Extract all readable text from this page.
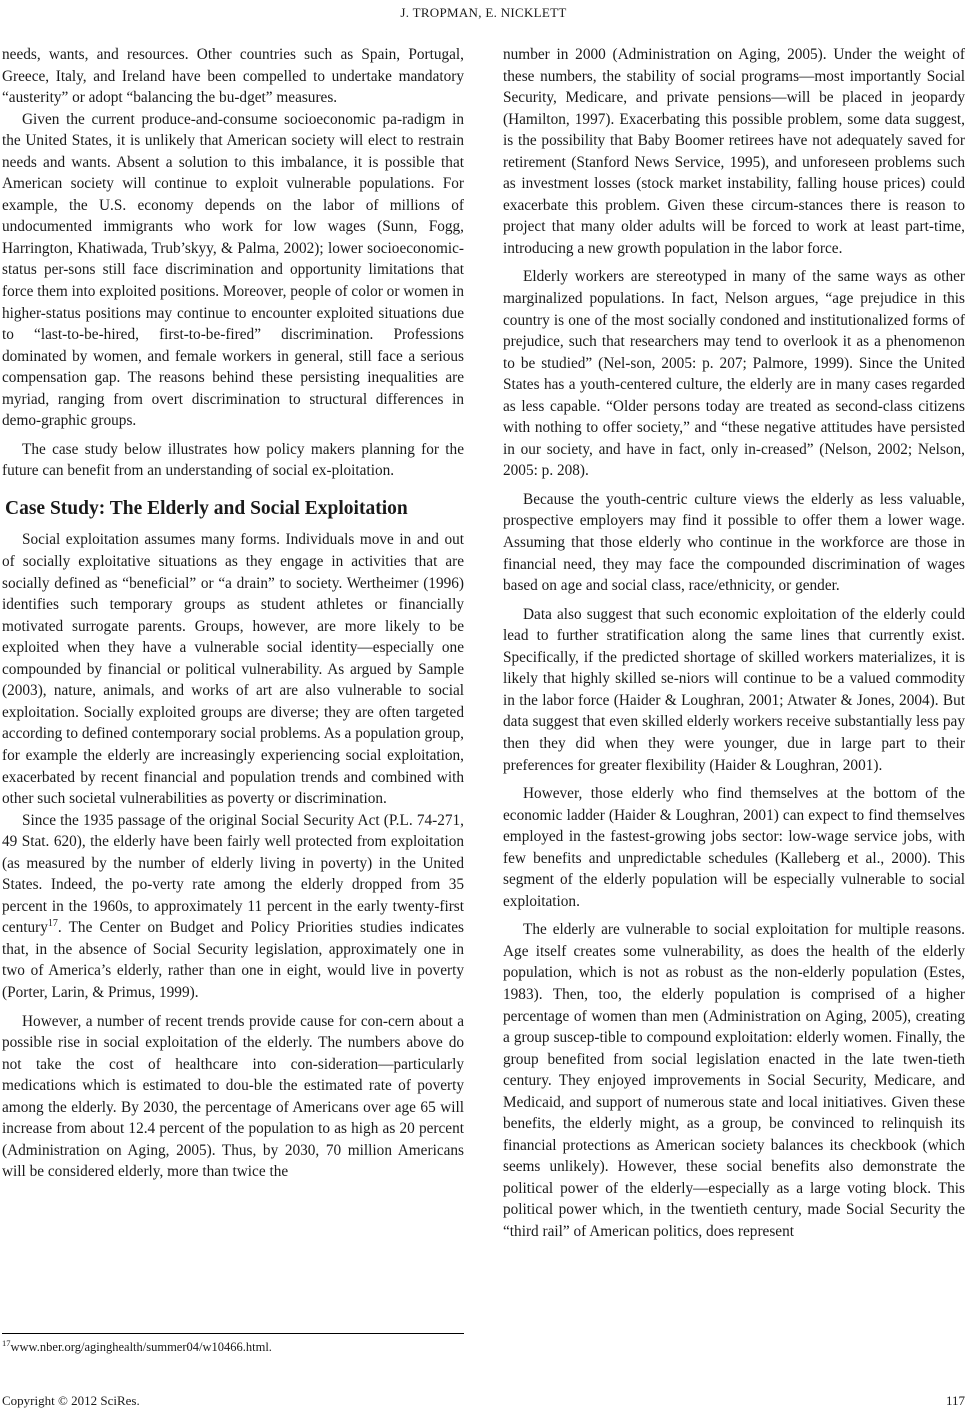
J. TROPMAN, E. NICKLETT

needs, wants, and resources. Other countries such as Spain, Portugal, Greece, Italy, and Ireland have been compelled to undertake mandatory “austerity” or adopt “balancing the bu-dget” measures.

Given the current produce-and-consume socioeconomic pa-radigm in the United States, it is unlikely that American society will elect to restrain needs and wants. Absent a solution to this imbalance, it is possible that American society will continue to exploit vulnerable populations. For example, the U.S. economy depends on the labor of millions of undocumented immigrants who work for low wages (Sunn, Fogg, Harrington, Khatiwada, Trub’skyy, & Palma, 2002); lower socioeconomic-status per-sons still face discrimination and opportunity limitations that force them into exploited positions. Moreover, people of color or women in higher-status positions may continue to encounter exploited situations due to “last-to-be-hired, first-to-be-fired” discrimination. Professions dominated by women, and female workers in general, still face a serious compensation gap. The reasons behind these persisting inequalities are myriad, ranging from overt discrimination to structural differences in demo-graphic groups.

The case study below illustrates how policy makers planning for the future can benefit from an understanding of social ex-ploitation.

Case Study: The Elderly and Social Exploitation

Social exploitation assumes many forms. Individuals move in and out of socially exploitative situations as they engage in activities that are socially defined as “beneficial” or “a drain” to society. Wertheimer (1996) identifies such temporary groups as student athletes or financially motivated surrogate parents. Groups, however, are more likely to be exploited when they have a vulnerable social identity—especially one compounded by financial or political vulnerability. As argued by Sample (2003), nature, animals, and works of art are also vulnerable to social exploitation. Socially exploited groups are diverse; they are often targeted according to defined contemporary social problems. As a population group, for example the elderly are increasingly experiencing social exploitation, exacerbated by recent financial and population trends and combined with other such societal vulnerabilities as poverty or discrimination.

Since the 1935 passage of the original Social Security Act (P.L. 74-271, 49 Stat. 620), the elderly have been fairly well protected from exploitation (as measured by the number of elderly living in poverty) in the United States. Indeed, the po-verty rate among the elderly dropped from 35 percent in the 1960s, to approximately 11 percent in the early twenty-first century$^{17}$. The Center on Budget and Policy Priorities studies indicates that, in the absence of Social Security legislation, approximately one in two of America’s elderly, rather than one in eight, would live in poverty (Porter, Larin, & Primus, 1999).

However, a number of recent trends provide cause for con-cern about a possible rise in social exploitation of the elderly. The numbers above do not take the cost of healthcare into con-sideration—particularly medications which is estimated to dou-ble the estimated rate of poverty among the elderly. By 2030, the percentage of Americans over age 65 will increase from about 12.4 percent of the population to as high as 20 percent (Administration on Aging, 2005). Thus, by 2030, 70 million Americans will be considered elderly, more than twice the

number in 2000 (Administration on Aging, 2005). Under the weight of these numbers, the stability of social programs—most importantly Social Security, Medicare, and private pensions—will be placed in jeopardy (Hamilton, 1997). Exacerbating this possible problem, some data suggest, is the possibility that Baby Boomer retirees have not adequately saved for retirement (Stanford News Service, 1995), and unforeseen problems such as investment losses (stock market instability, falling house prices) could exacerbate this problem. Given these circum-stances there is reason to project that many older adults will be forced to work at least part-time, introducing a new growth population in the labor force.

Elderly workers are stereotyped in many of the same ways as other marginalized populations. In fact, Nelson argues, “age prejudice in this country is one of the most socially condoned and institutionalized forms of prejudice, such that researchers may tend to overlook it as a phenomenon to be studied” (Nel-son, 2005: p. 207; Palmore, 1999). Since the United States has a youth-centered culture, the elderly are in many cases regarded as less capable. “Older persons today are treated as second-class citizens with nothing to offer society,” and “these negative attitudes have persisted in our society, and have in fact, only in-creased” (Nelson, 2002; Nelson, 2005: p. 208).

Because the youth-centric culture views the elderly as less valuable, prospective employers may find it possible to offer them a lower wage. Assuming that those elderly who continue in the workforce are those in financial need, they may face the compounded discrimination of wages based on age and social class, race/ethnicity, or gender.

Data also suggest that such economic exploitation of the elderly could lead to further stratification along the same lines that currently exist. Specifically, if the predicted shortage of skilled workers materializes, it is likely that highly skilled se-niors will continue to be a valued commodity in the labor force (Haider & Loughran, 2001; Atwater & Jones, 2004). But data suggest that even skilled elderly workers receive substantially less pay then they did when they were younger, due in large part to their preferences for greater flexibility (Haider & Loughran, 2001).

However, those elderly who find themselves at the bottom of the economic ladder (Haider & Loughran, 2001) can expect to find themselves employed in the fastest-growing jobs sector: low-wage service jobs, with few benefits and unpredictable schedules (Kalleberg et al., 2000). This segment of the elderly population will be especially vulnerable to social exploitation.

The elderly are vulnerable to social exploitation for multiple reasons. Age itself creates some vulnerability, as does the health of the elderly population, which is not as robust as the non-elderly population (Estes, 1983). Then, too, the elderly population is comprised of a higher percentage of women than men (Administration on Aging, 2005), creating a group suscep-tible to compound exploitation: elderly women. Finally, the group benefited from social legislation enacted in the late twen-tieth century. They enjoyed improvements in Social Security, Medicare, and Medicaid, and support of numerous state and local initiatives. Given these benefits, the elderly might, as a group, be convinced to relinquish its financial protections as American society balances its checkbook (which seems unlikely). However, these social benefits also demonstrate the political power of the elderly—especially as a large voting block. This political power which, in the twentieth century, made Social Security the “third rail” of American politics, does represent

$^{17}$www.nber.org/aginghealth/summer04/w10466.html.
Copyright © 2012 SciRes.	117
